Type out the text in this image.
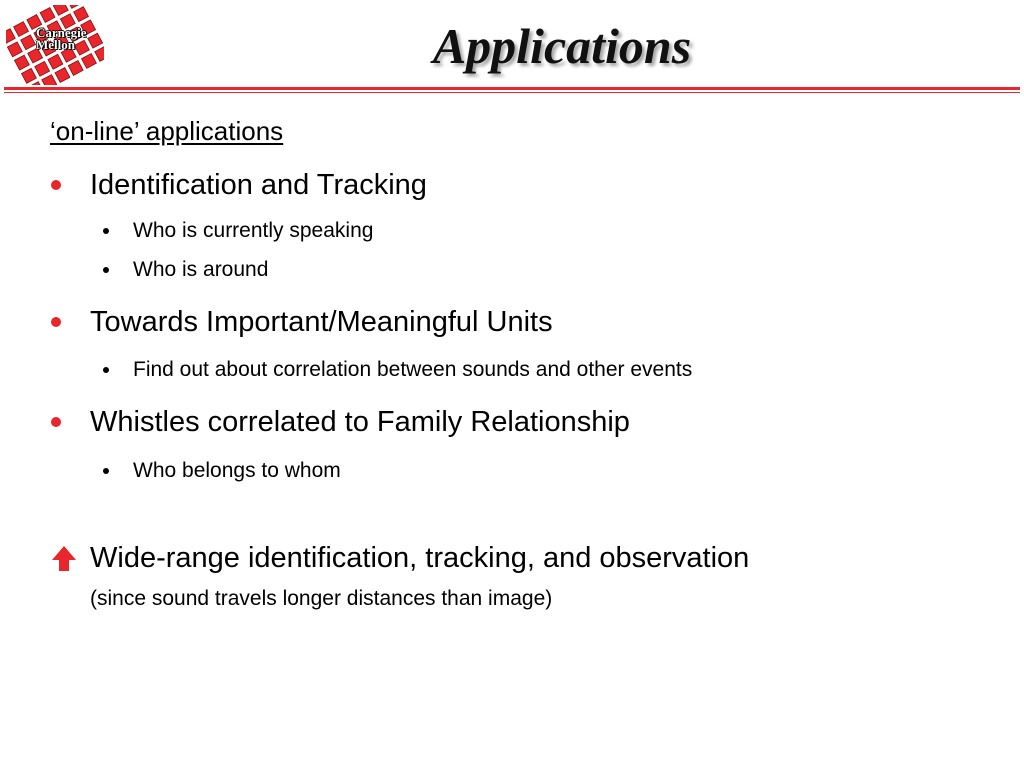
Carnegie
Mellon	Applications
‘on-line’ applications
Identification and Tracking
Who is currently speaking
Who is around
Towards Important/Meaningful Units
Find out about correlation between sounds and other events
Whistles correlated to Family Relationship
Who belongs to whom
Wide-range identification, tracking, and observation
(since sound travels longer distances than image)
